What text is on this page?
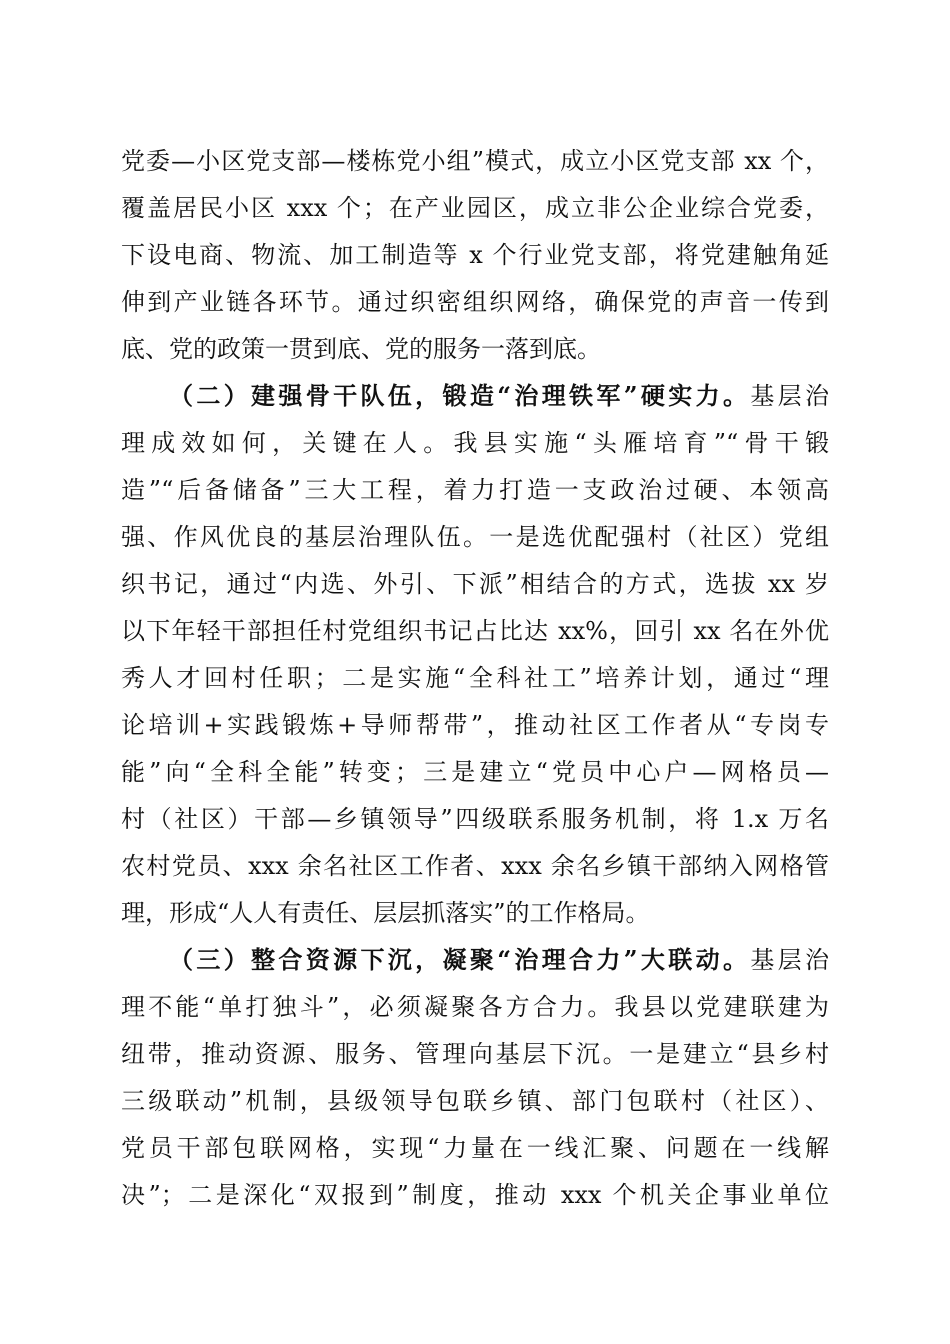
党委—小区党支部—楼栋党小组”模式，成立小区党支部 xx 个，
覆盖居民小区 xxx 个；在产业园区，成立非公企业综合党委，
下设电商、物流、加工制造等 x 个行业党支部，将党建触角延
伸到产业链各环节。通过织密组织网络，确保党的声音一传到
底、党的政策一贯到底、党的服务一落到底。
（二）建强骨干队伍，锻造“治理铁军”硬实力。基层治
理成效如何，关键在人。我县实施“头雁培育”“骨干锻
造”“后备储备”三大工程，着力打造一支政治过硬、本领高
强、作风优良的基层治理队伍。一是选优配强村（社区）党组
织书记，通过“内选、外引、下派”相结合的方式，选拔 xx 岁
以下年轻干部担任村党组织书记占比达 xx%，回引 xx 名在外优
秀人才回村任职；二是实施“全科社工”培养计划，通过“理
论培训+实践锻炼+导师帮带”，推动社区工作者从“专岗专
能”向“全科全能”转变；三是建立“党员中心户—网格员—
村（社区）干部—乡镇领导”四级联系服务机制，将 1.x 万名
农村党员、xxx 余名社区工作者、xxx 余名乡镇干部纳入网格管
理，形成“人人有责任、层层抓落实”的工作格局。
（三）整合资源下沉，凝聚“治理合力”大联动。基层治
理不能“单打独斗”，必须凝聚各方合力。我县以党建联建为
纽带，推动资源、服务、管理向基层下沉。一是建立“县乡村
三级联动”机制，县级领导包联乡镇、部门包联村（社区）、
党员干部包联网格，实现“力量在一线汇聚、问题在一线解
决”；二是深化“双报到”制度，推动 xxx 个机关企事业单位
